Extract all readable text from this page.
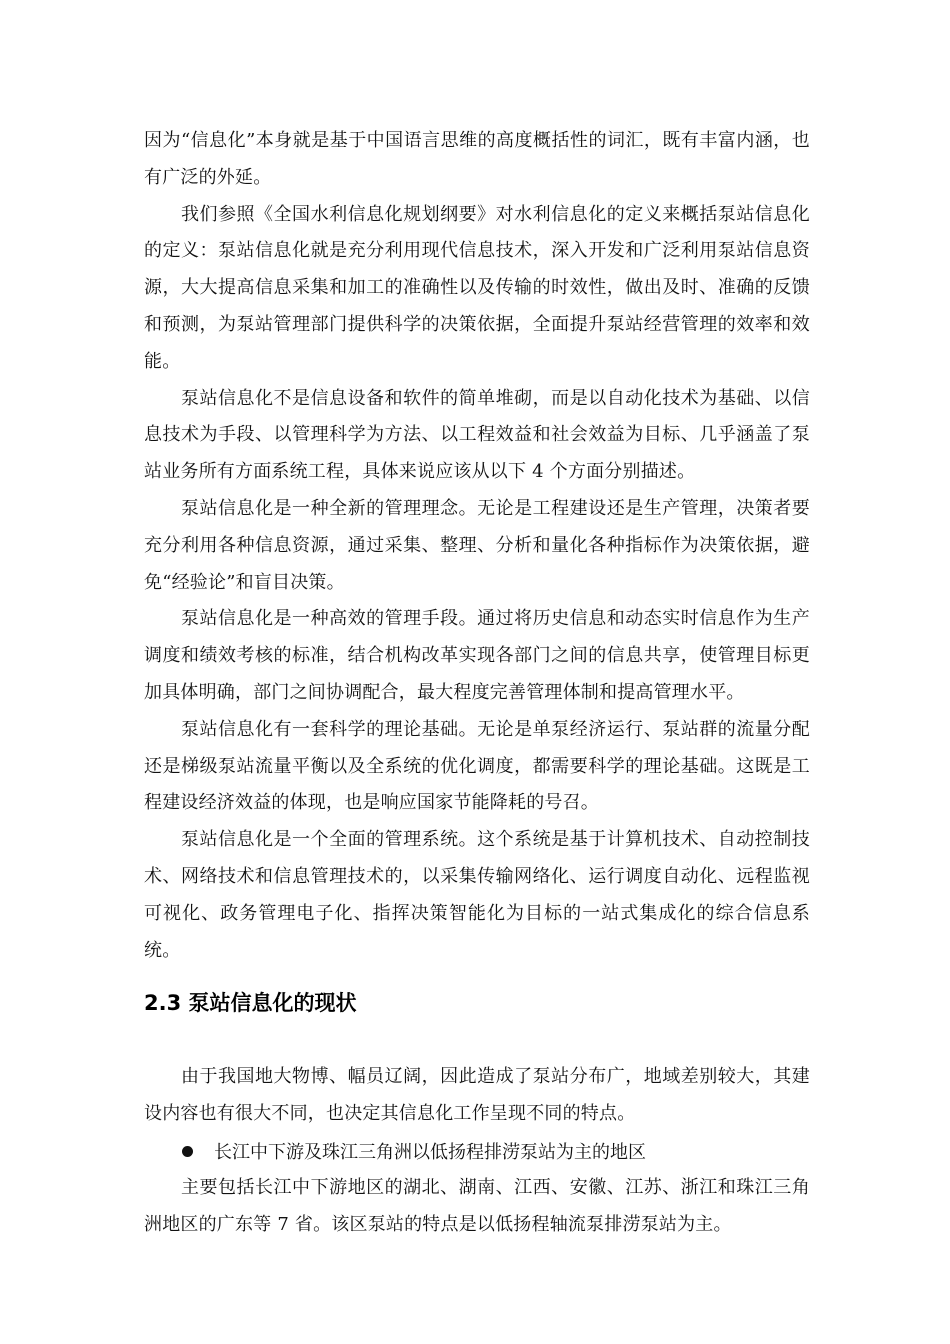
因为“信息化”本身就是基于中国语言思维的高度概括性的词汇，既有丰富内涵，也有广泛的外延。

我们参照《全国水利信息化规划纲要》对水利信息化的定义来概括泵站信息化的定义：泵站信息化就是充分利用现代信息技术，深入开发和广泛利用泵站信息资源，大大提高信息采集和加工的准确性以及传输的时效性，做出及时、准确的反馈和预测，为泵站管理部门提供科学的决策依据，全面提升泵站经营管理的效率和效能。

泵站信息化不是信息设备和软件的简单堆砌，而是以自动化技术为基础、以信息技术为手段、以管理科学为方法、以工程效益和社会效益为目标、几乎涵盖了泵站业务所有方面系统工程，具体来说应该从以下 4 个方面分别描述。

泵站信息化是一种全新的管理理念。无论是工程建设还是生产管理，决策者要充分利用各种信息资源，通过采集、整理、分析和量化各种指标作为决策依据，避免“经验论”和盲目决策。

泵站信息化是一种高效的管理手段。通过将历史信息和动态实时信息作为生产调度和绩效考核的标准，结合机构改革实现各部门之间的信息共享，使管理目标更加具体明确，部门之间协调配合，最大程度完善管理体制和提高管理水平。

泵站信息化有一套科学的理论基础。无论是单泵经济运行、泵站群的流量分配还是梯级泵站流量平衡以及全系统的优化调度，都需要科学的理论基础。这既是工程建设经济效益的体现，也是响应国家节能降耗的号召。

泵站信息化是一个全面的管理系统。这个系统是基于计算机技术、自动控制技术、网络技术和信息管理技术的，以采集传输网络化、运行调度自动化、远程监视可视化、政务管理电子化、指挥决策智能化为目标的一站式集成化的综合信息系统。

2.3 泵站信息化的现状

由于我国地大物博、幅员辽阔，因此造成了泵站分布广，地域差别较大，其建设内容也有很大不同，也决定其信息化工作呈现不同的特点。

长江中下游及珠江三角洲以低扬程排涝泵站为主的地区

主要包括长江中下游地区的湖北、湖南、江西、安徽、江苏、浙江和珠江三角洲地区的广东等 7 省。该区泵站的特点是以低扬程轴流泵排涝泵站为主。
